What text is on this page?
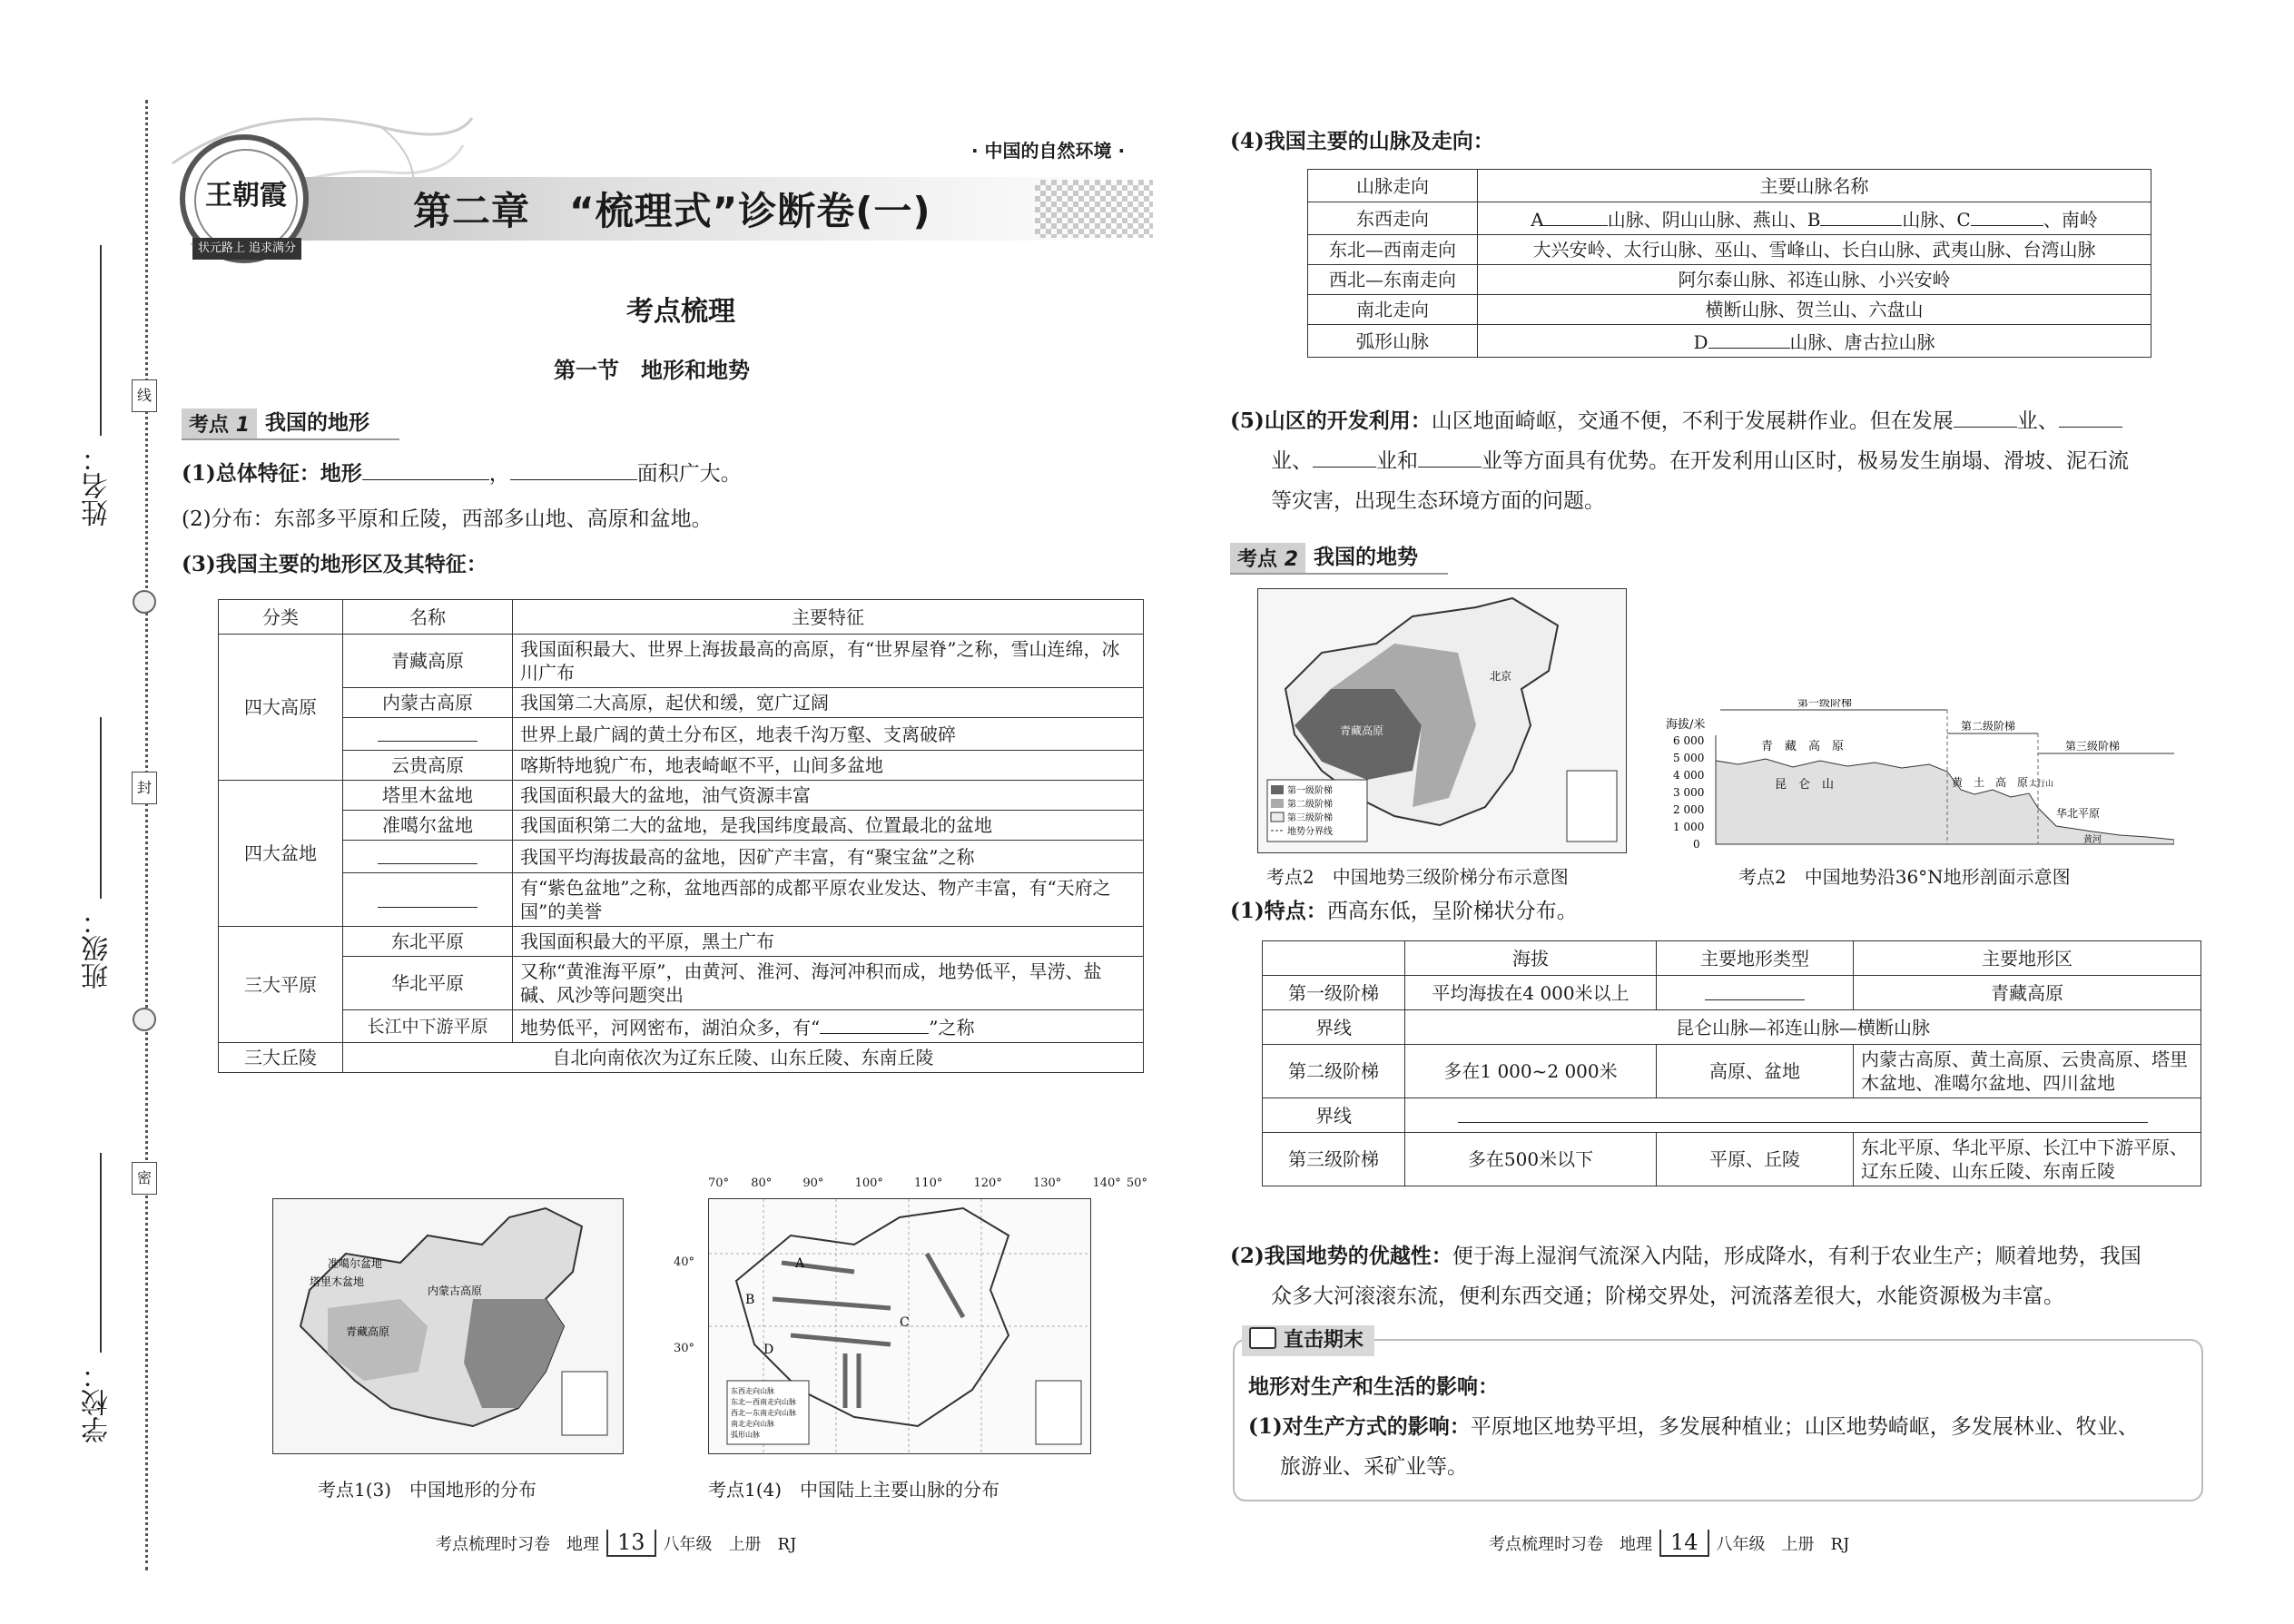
线
封
密
姓名：
班级：
学校：
王朝霞
状元路上 追求满分
· 中国的自然环境 ·
第二章　“梳理式”诊断卷(一)
考点梳理
第一节　地形和地势
考点 1 我国的地形
(1)总体特征：地形	，	面积广大。
(2)分布：东部多平原和丘陵，西部多山地、高原和盆地。
(3)我国主要的地形区及其特征：
分类	名称	主要特征
四大高原	青藏高原	我国面积最大、世界上海拔最高的高原，有“世界屋脊”之称，雪山连绵，冰川广布
	内蒙古高原	我国第二大高原，起伏和缓，宽广辽阔
		世界上最广阔的黄土分布区，地表千沟万壑、支离破碎
	云贵高原	喀斯特地貌广布，地表崎岖不平，山间多盆地
四大盆地	塔里木盆地	我国面积最大的盆地，油气资源丰富
	准噶尔盆地	我国面积第二大的盆地，是我国纬度最高、位置最北的盆地
		我国平均海拔最高的盆地，因矿产丰富，有“聚宝盆”之称
		有“紫色盆地”之称，盆地西部的成都平原农业发达、物产丰富，有“天府之国”的美誉
三大平原	东北平原	我国面积最大的平原，黑土广布
	华北平原	又称“黄淮海平原”，由黄河、淮河、海河冲积而成，地势低平，旱涝、盐碱、风沙等问题突出
	长江中下游平原	地势低平，河网密布，湖泊众多，有“ ”之称
三大丘陵	自北向南依次为辽东丘陵、山东丘陵、东南丘陵	
塔里木盆地
准噶尔盆地
青藏高原
内蒙古高原
考点1(3)　中国地形的分布
A
B
C
D
东西走向山脉
东北—西南走向山脉
西北—东南走向山脉
南北走向山脉
弧形山脉
70° 80°	90°	100°	110°	120°	130°	140° 50°
40°
30°
考点1(4)　中国陆上主要山脉的分布
考点梳理时习卷　地理 13 八年级　上册　RJ
(4)我国主要的山脉及走向：
山脉走向	主要山脉名称
东西走向	A 山脉、阴山山脉、燕山、B 山脉、C 、南岭
东北—西南走向	大兴安岭、太行山脉、巫山、雪峰山、长白山脉、武夷山脉、台湾山脉
西北—东南走向	阿尔泰山脉、祁连山脉、小兴安岭
南北走向	横断山脉、贺兰山、六盘山
弧形山脉	D 山脉、唐古拉山脉
(5)山区的开发利用：山区地面崎岖，交通不便，不利于发展耕作业。但在发展	业、
业、	业和	业等方面具有优势。在开发利用山区时，极易发生崩塌、滑坡、泥石流
等灾害，出现生态环境方面的问题。
考点 2 我国的地势
第一级阶梯
第二级阶梯
第三级阶梯
地势分界线
青藏高原
北京
考点2　中国地势三级阶梯分布示意图
海拔/米
6 000
5 000
4 000
3 000
2 000
1 000
0
第一级阶梯
第二级阶梯
第三级阶梯
青　藏　高　原
昆　仑　山	黄　土　高　原
华北平原
黄河
太行山
考点2　中国地势沿36°N地形剖面示意图
(1)特点：西高东低，呈阶梯状分布。
	海拔	主要地形类型	主要地形区
第一级阶梯	平均海拔在4 000米以上		青藏高原
界线	昆仑山脉—祁连山脉—横断山脉		
第二级阶梯	多在1 000~2 000米	高原、盆地	内蒙古高原、黄土高原、云贵高原、塔里木盆地、准噶尔盆地、四川盆地
界线			
第三级阶梯	多在500米以下	平原、丘陵	东北平原、华北平原、长江中下游平原、辽东丘陵、山东丘陵、东南丘陵
(2)我国地势的优越性：便于海上湿润气流深入内陆，形成降水，有利于农业生产；顺着地势，我国
众多大河滚滚东流，便利东西交通；阶梯交界处，河流落差很大，水能资源极为丰富。
直击期末
地形对生产和生活的影响：
(1)对生产方式的影响：平原地区地势平坦，多发展种植业；山区地势崎岖，多发展林业、牧业、
旅游业、采矿业等。
考点梳理时习卷　地理 14 八年级　上册　RJ
